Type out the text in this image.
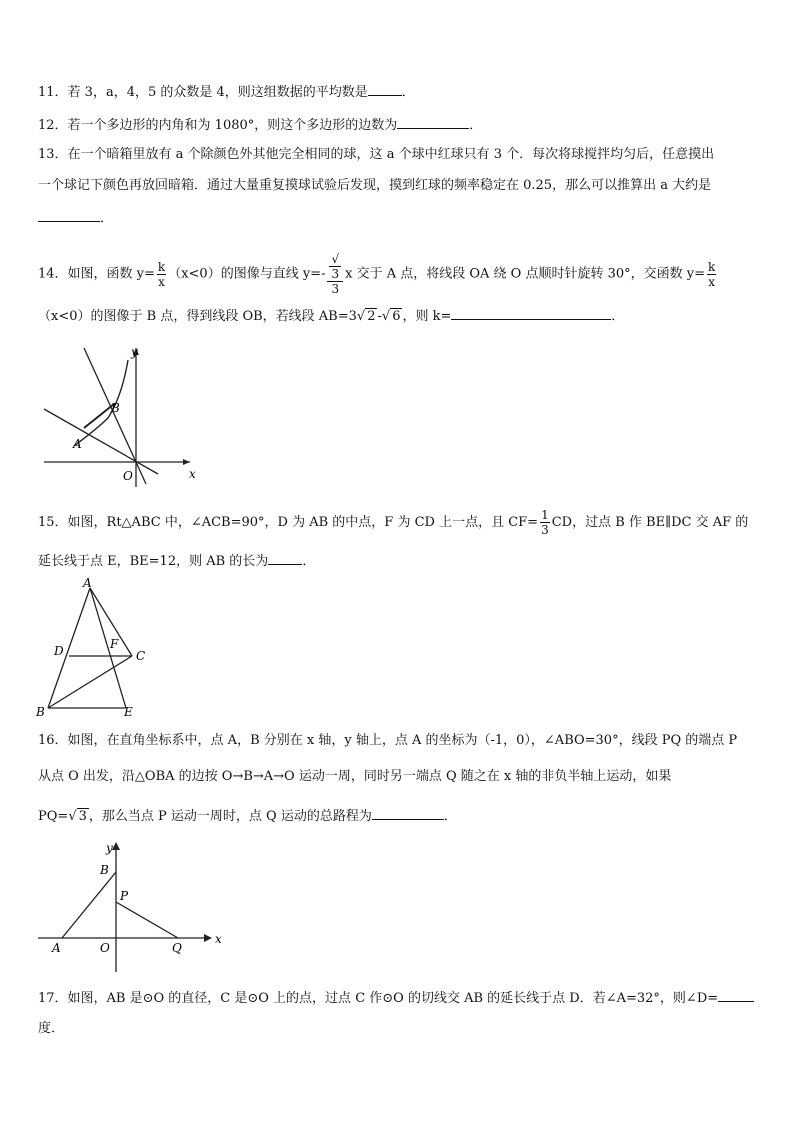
11．若 3，a，4，5 的众数是 4，则这组数据的平均数是	．
12．若一个多边形的内角和为 1080°，则这个多边形的边数为	．
13．在一个暗箱里放有 a 个除颜色外其他完全相同的球，这 a 个球中红球只有 3 个．每次将球搅拌均匀后，任意摸出
一个球记下颜色再放回暗箱．通过大量重复摸球试验后发现，摸到红球的频率稳定在 0.25，那么可以推算出 a 大约是
．
14．如图，函数 $y= \frac{k}{x} (x<0)$的图像与直线 y=- √
3
3 x 交于 A 点，将线段 OA 绕 O 点顺时针旋转 30°，交函数 $y= \frac{k}{x}$
（x<0）的图像于 B 点，得到线段 OB，若线段 AB=3√ 2 -√ 6 ，则 k=	．
y
B
A
O	x
15．如图，Rt△ABC 中，∠ACB=90°，D 为 AB 的中点，F 为 CD 上一点，且 $CF= \frac{1}{3}$ CD，过点 B 作 BE∥DC 交 AF 的
延长线于点 E，BE=12，则 AB 的长为	．
A
D	F
C
B	E
16．如图，在直角坐标系中，点 A，B 分别在 x 轴，y 轴上，点 A 的坐标为（-1，0），∠ABO=30°，线段 PQ 的端点 P
从点 O 出发，沿△OBA 的边按 O→B→A→O 运动一周，同时另一端点 Q 随之在 x 轴的非负半轴上运动，如果
PQ=√ 3 ，那么当点 P 运动一周时，点 Q 运动的总路程为	．
y
B
P
A	O	Q
x
17．如图，AB 是⊙O 的直径，C 是⊙O 上的点，过点 C 作⊙O 的切线交 AB 的延长线于点 D．若∠A=32°，则∠D=
度．
